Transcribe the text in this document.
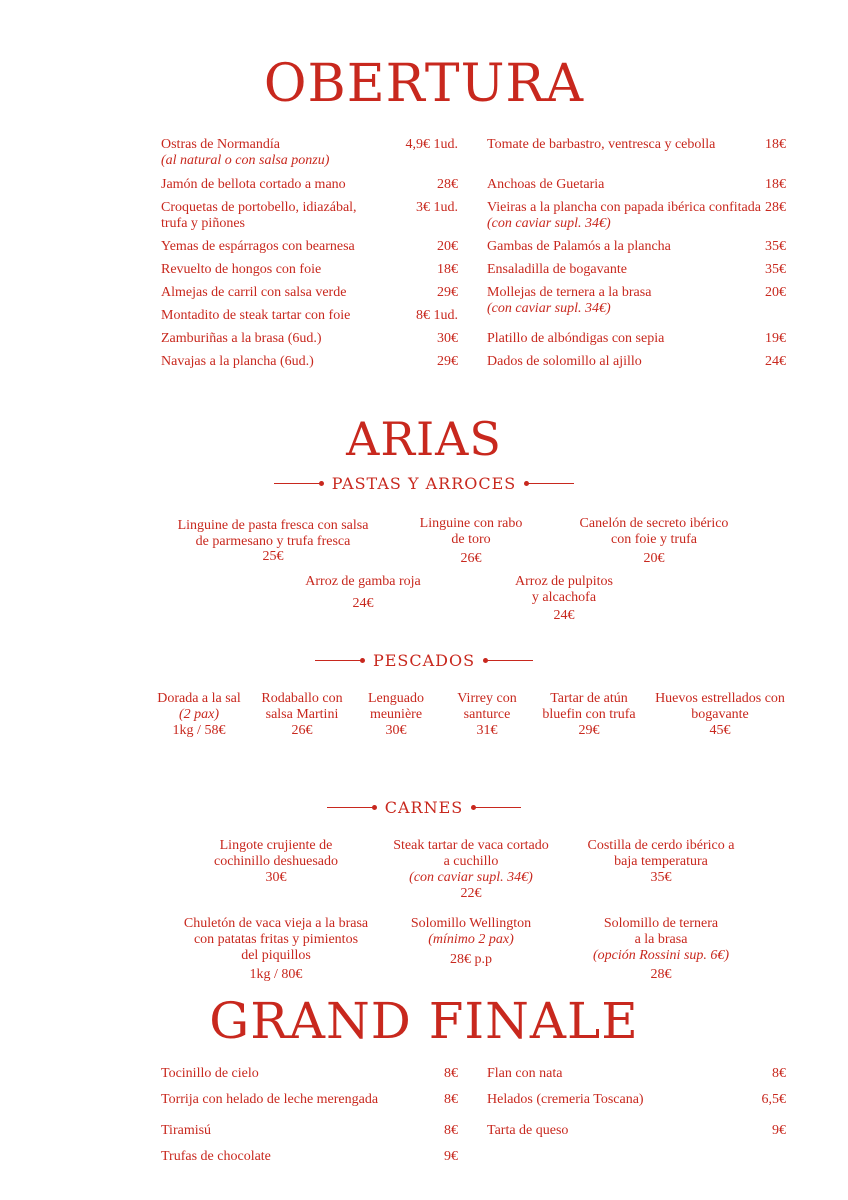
OBERTURA
Ostras de Normandía
(al natural o con salsa ponzu)
4,9€ 1ud.
Jamón de bellota cortado a mano	28€
Croquetas de portobello, idiazábal,
trufa y piñones
3€ 1ud.
Yemas de espárragos con bearnesa	20€
Revuelto de hongos con foie	18€
Almejas de carril con salsa verde	29€
Montadito de steak tartar con foie	8€ 1ud.
Zamburiñas a la brasa (6ud.)	30€
Navajas a la plancha (6ud.)	29€
Tomate de barbastro, ventresca y cebolla	18€
Anchoas de Guetaria	18€
Vieiras a la plancha con papada ibérica confitada
(con caviar supl. 34€)
28€
Gambas de Palamós a la plancha	35€
Ensaladilla de bogavante	35€
Mollejas de ternera a la brasa
(con caviar supl. 34€)
20€
Platillo de albóndigas con sepia	19€
Dados de solomillo al ajillo	24€
ARIAS
PASTAS Y ARROCES
Linguine de pasta fresca con salsa
de parmesano y trufa fresca
25€
Linguine con rabo
de toro
26€
Canelón de secreto ibérico
con foie y trufa
20€
Arroz de gamba roja
24€
Arroz de pulpitos
y alcachofa
24€
PESCADOS
Dorada a la sal
(2 pax)
1kg / 58€
Rodaballo con
salsa Martini
26€
Lenguado
meunière
30€
Virrey con
santurce
31€
Tartar de atún
bluefin con trufa
29€
Huevos estrellados con
bogavante
45€
CARNES
Lingote crujiente de
cochinillo deshuesado
30€
Steak tartar de vaca cortado
a cuchillo
(con caviar supl. 34€)
22€
Costilla de cerdo ibérico a
baja temperatura
35€
Chuletón de vaca vieja a la brasa
con patatas fritas y pimientos
del piquillos
1kg / 80€
Solomillo Wellington
(mínimo 2 pax)
28€ p.p
Solomillo de ternera
a la brasa
(opción Rossini sup. 6€)
28€
GRAND FINALE
Tocinillo de cielo	8€
Torrija con helado de leche merengada	8€
Tiramisú	8€
Trufas de chocolate	9€
Flan con nata	8€
Helados (cremeria Toscana)	6,5€
Tarta de queso	9€
